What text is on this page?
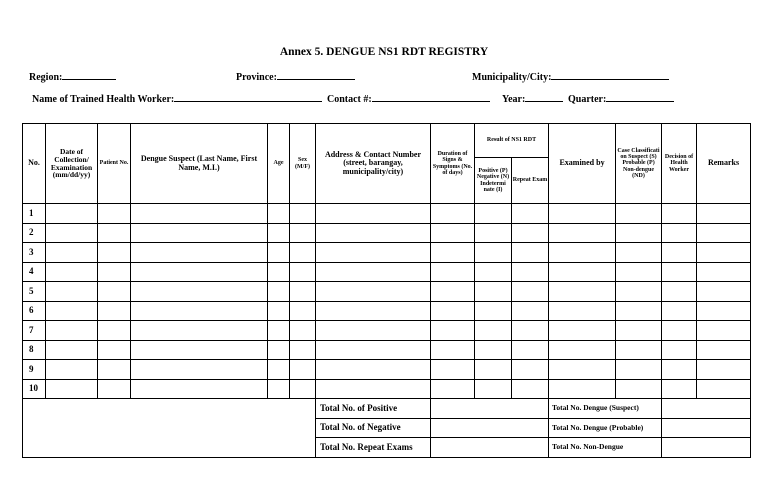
Annex 5. DENGUE NS1 RDT REGISTRY
Region:	Province:	Municipality/City:
Name of Trained Health Worker:	Contact #:	Year:	Quarter:
No.	Date of Collection/ Examination (mm/dd/yy)	Patient No.	Dengue Suspect (Last Name, First Name, M.I.)	Age	Sex (M/F)	Address & Contact Number (street, barangay, municipality/city)	Duration of Signs & Symptoms (No. of days)	Result of NS1 RDT		Examined by	Case Classificati on Suspect (S) Probable (P) Non-dengue (ND)	Decision of Health Worker	Remarks
								Positive (P) Negative (N) Indetermi nate (I)	Repeat Exam				
1													
2													
3													
4													
5													
6													
7													
8													
9													
10													
						Total No. of Positive				Total No. Dengue (Suspect)			
						Total No. of Negative				Total No. Dengue (Probable)			
						Total No. Repeat Exams				Total No. Non-Dengue			
